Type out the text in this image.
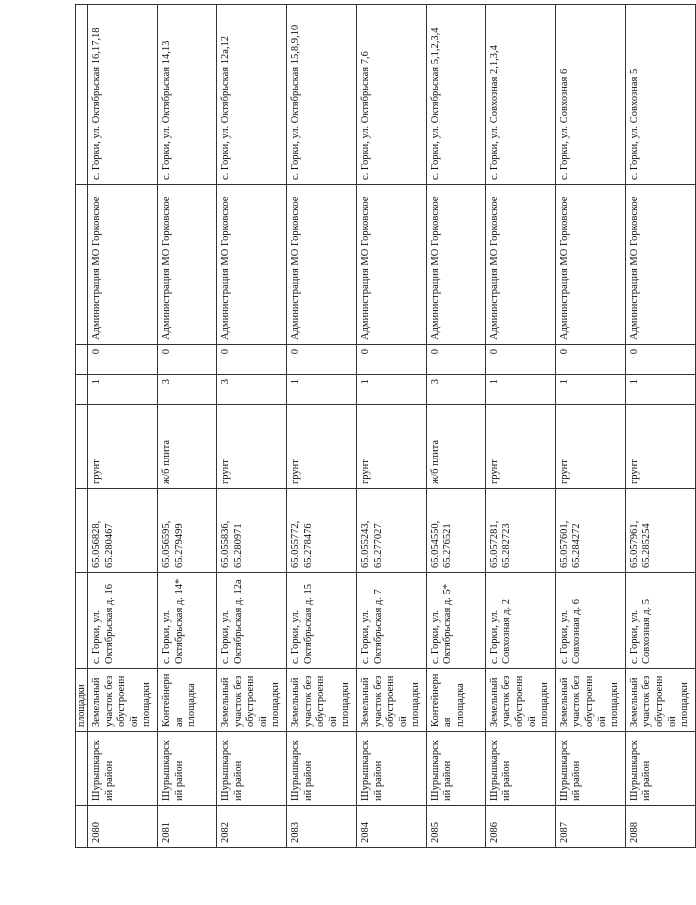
		площадки							
2080	Шурышкарский район	Земельный участок без обустроенной площадки	с. Горки, ул. Октябрьская д. 16	65.056828, 65.280467	грунт	1	0	Администрация МО Горковское	с. Горки, ул. Октябрьская 16,17,18
2081	Шурышкарский район	Контейнерная площадка	с. Горки, ул. Октябрьская д. 14*	65.056595, 65.279499	ж/б плита	3	0	Администрация МО Горковское	с. Горки, ул. Октябрьская 14,13
2082	Шурышкарский район	Земельный участок без обустроенной площадки	с. Горки, ул. Октябрьская д. 12а	65.055836, 65.280971	грунт	3	0	Администрация МО Горковское	с. Горки, ул. Октябрьская 12а,12
2083	Шурышкарский район	Земельный участок без обустроенной площадки	с. Горки, ул. Октябрьская д. 15	65.055772, 65.278476	грунт	1	0	Администрация МО Горковское	с. Горки, ул. Октябрьская 15,8,9,10
2084	Шурышкарский район	Земельный участок без обустроенной площадки	с. Горки, ул. Октябрьская д. 7	65.055243, 65.277027	грунт	1	0	Администрация МО Горковское	с. Горки, ул. Октябрьская 7,6
2085	Шурышкарский район	Контейнерная площадка	с. Горки, ул. Октябрьская д. 5*	65.054550, 65.276521	ж/б плита	3	0	Администрация МО Горковское	с. Горки, ул. Октябрьская 5,1,2,3,4
2086	Шурышкарский район	Земельный участок без обустроенной площадки	с. Горки, ул. Совхозная д. 2	65.057281, 65.282723	грунт	1	0	Администрация МО Горковское	с. Горки, ул. Совхозная 2,1,3,4
2087	Шурышкарский район	Земельный участок без обустроенной площадки	с. Горки, ул. Совхозная д. 6	65.057601, 65.284272	грунт	1	0	Администрация МО Горковское	с. Горки, ул. Совхозная 6
2088	Шурышкарский район	Земельный участок без обустроенной площадки	с. Горки, ул. Совхозная д. 5	65.057961, 65.285254	грунт	1	0	Администрация МО Горковское	с. Горки, ул. Совхозная 5
